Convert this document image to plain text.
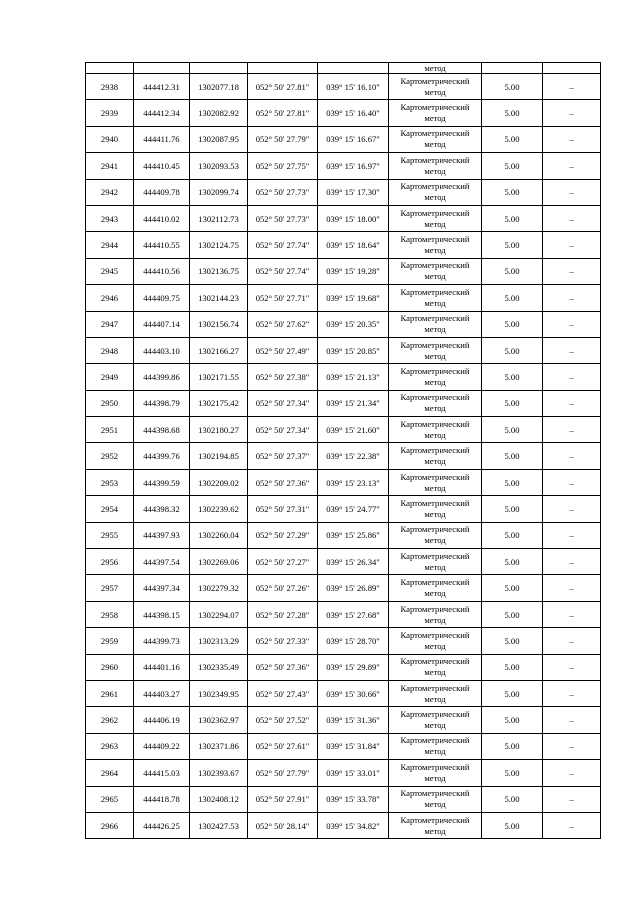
					метод		
2938	444412.31	1302077.18	052° 50' 27.81"	039° 15' 16.10"	Картометрический метод	5.00	–
2939	444412.34	1302082.92	052° 50' 27.81"	039° 15' 16.40"	Картометрический метод	5.00	–
2940	444411.76	1302087.95	052° 50' 27.79"	039° 15' 16.67"	Картометрический метод	5.00	–
2941	444410.45	1302093.53	052° 50' 27.75"	039° 15' 16.97"	Картометрический метод	5.00	–
2942	444409.78	1302099.74	052° 50' 27.73"	039° 15' 17.30"	Картометрический метод	5.00	–
2943	444410.02	1302112.73	052° 50' 27.73"	039° 15' 18.00"	Картометрический метод	5.00	–
2944	444410.55	1302124.75	052° 50' 27.74"	039° 15' 18.64"	Картометрический метод	5.00	–
2945	444410.56	1302136.75	052° 50' 27.74"	039° 15' 19.28"	Картометрический метод	5.00	–
2946	444409.75	1302144.23	052° 50' 27.71"	039° 15' 19.68"	Картометрический метод	5.00	–
2947	444407.14	1302156.74	052° 50' 27.62"	039° 15' 20.35"	Картометрический метод	5.00	–
2948	444403.10	1302166.27	052° 50' 27.49"	039° 15' 20.85"	Картометрический метод	5.00	–
2949	444399.86	1302171.55	052° 50' 27.38"	039° 15' 21.13"	Картометрический метод	5.00	–
2950	444398.79	1302175.42	052° 50' 27.34"	039° 15' 21.34"	Картометрический метод	5.00	–
2951	444398.68	1302180.27	052° 50' 27.34"	039° 15' 21.60"	Картометрический метод	5.00	–
2952	444399.76	1302194.85	052° 50' 27.37"	039° 15' 22.38"	Картометрический метод	5.00	–
2953	444399.59	1302209.02	052° 50' 27.36"	039° 15' 23.13"	Картометрический метод	5.00	–
2954	444398.32	1302239.62	052° 50' 27.31"	039° 15' 24.77"	Картометрический метод	5.00	–
2955	444397.93	1302260.04	052° 50' 27.29"	039° 15' 25.86"	Картометрический метод	5.00	–
2956	444397.54	1302269.06	052° 50' 27.27"	039° 15' 26.34"	Картометрический метод	5.00	–
2957	444397.34	1302279.32	052° 50' 27.26"	039° 15' 26.89"	Картометрический метод	5.00	–
2958	444398.15	1302294.07	052° 50' 27.28"	039° 15' 27.68"	Картометрический метод	5.00	–
2959	444399.73	1302313.29	052° 50' 27.33"	039° 15' 28.70"	Картометрический метод	5.00	–
2960	444401.16	1302335.49	052° 50' 27.36"	039° 15' 29.89"	Картометрический метод	5.00	–
2961	444403.27	1302349.95	052° 50' 27.43"	039° 15' 30.66"	Картометрический метод	5.00	–
2962	444406.19	1302362.97	052° 50' 27.52"	039° 15' 31.36"	Картометрический метод	5.00	–
2963	444409.22	1302371.86	052° 50' 27.61"	039° 15' 31.84"	Картометрический метод	5.00	–
2964	444415.03	1302393.67	052° 50' 27.79"	039° 15' 33.01"	Картометрический метод	5.00	–
2965	444418.78	1302408.12	052° 50' 27.91"	039° 15' 33.78"	Картометрический метод	5.00	–
2966	444426.25	1302427.53	052° 50' 28.14"	039° 15' 34.82"	Картометрический метод	5.00	–
